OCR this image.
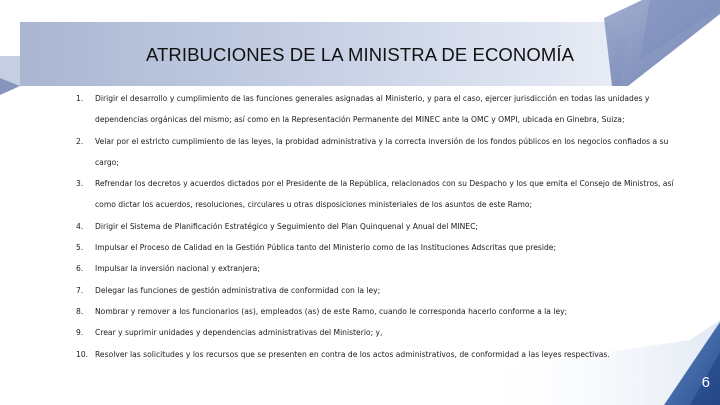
ATRIBUCIONES DE LA MINISTRA DE ECONOMÍA
1. Dirigir el desarrollo y cumplimiento de las funciones generales asignadas al Ministerio, y para el caso, ejercer jurisdicción en todas las unidades y dependencias orgánicas del mismo; así como en la Representación Permanente del MINEC ante la OMC y OMPI, ubicada en Ginebra, Suiza;
2. Velar por el estricto cumplimiento de las leyes, la probidad administrativa y la correcta inversión de los fondos públicos en los negocios confiados a su cargo;
3. Refrendar los decretos y acuerdos dictados por el Presidente de la República, relacionados con su Despacho y los que emita el Consejo de Ministros, así como dictar los acuerdos, resoluciones, circulares u otras disposiciones ministeriales de los asuntos de este Ramo;
4. Dirigir el Sistema de Planificación Estratégico y Seguimiento del Plan Quinquenal y Anual del MINEC;
5. Impulsar el Proceso de Calidad en la Gestión Pública tanto del Ministerio como de las Instituciones Adscritas que preside;
6. Impulsar la inversión nacional y extranjera;
7. Delegar las funciones de gestión administrativa de conformidad con la ley;
8. Nombrar y remover a los funcionarios (as), empleados (as) de este Ramo, cuando le corresponda hacerlo conforme a la ley;
9. Crear y suprimir unidades y dependencias administrativas del Ministerio; y,
10. Resolver las solicitudes y los recursos que se presenten en contra de los actos administrativos, de conformidad a las leyes respectivas.
6
